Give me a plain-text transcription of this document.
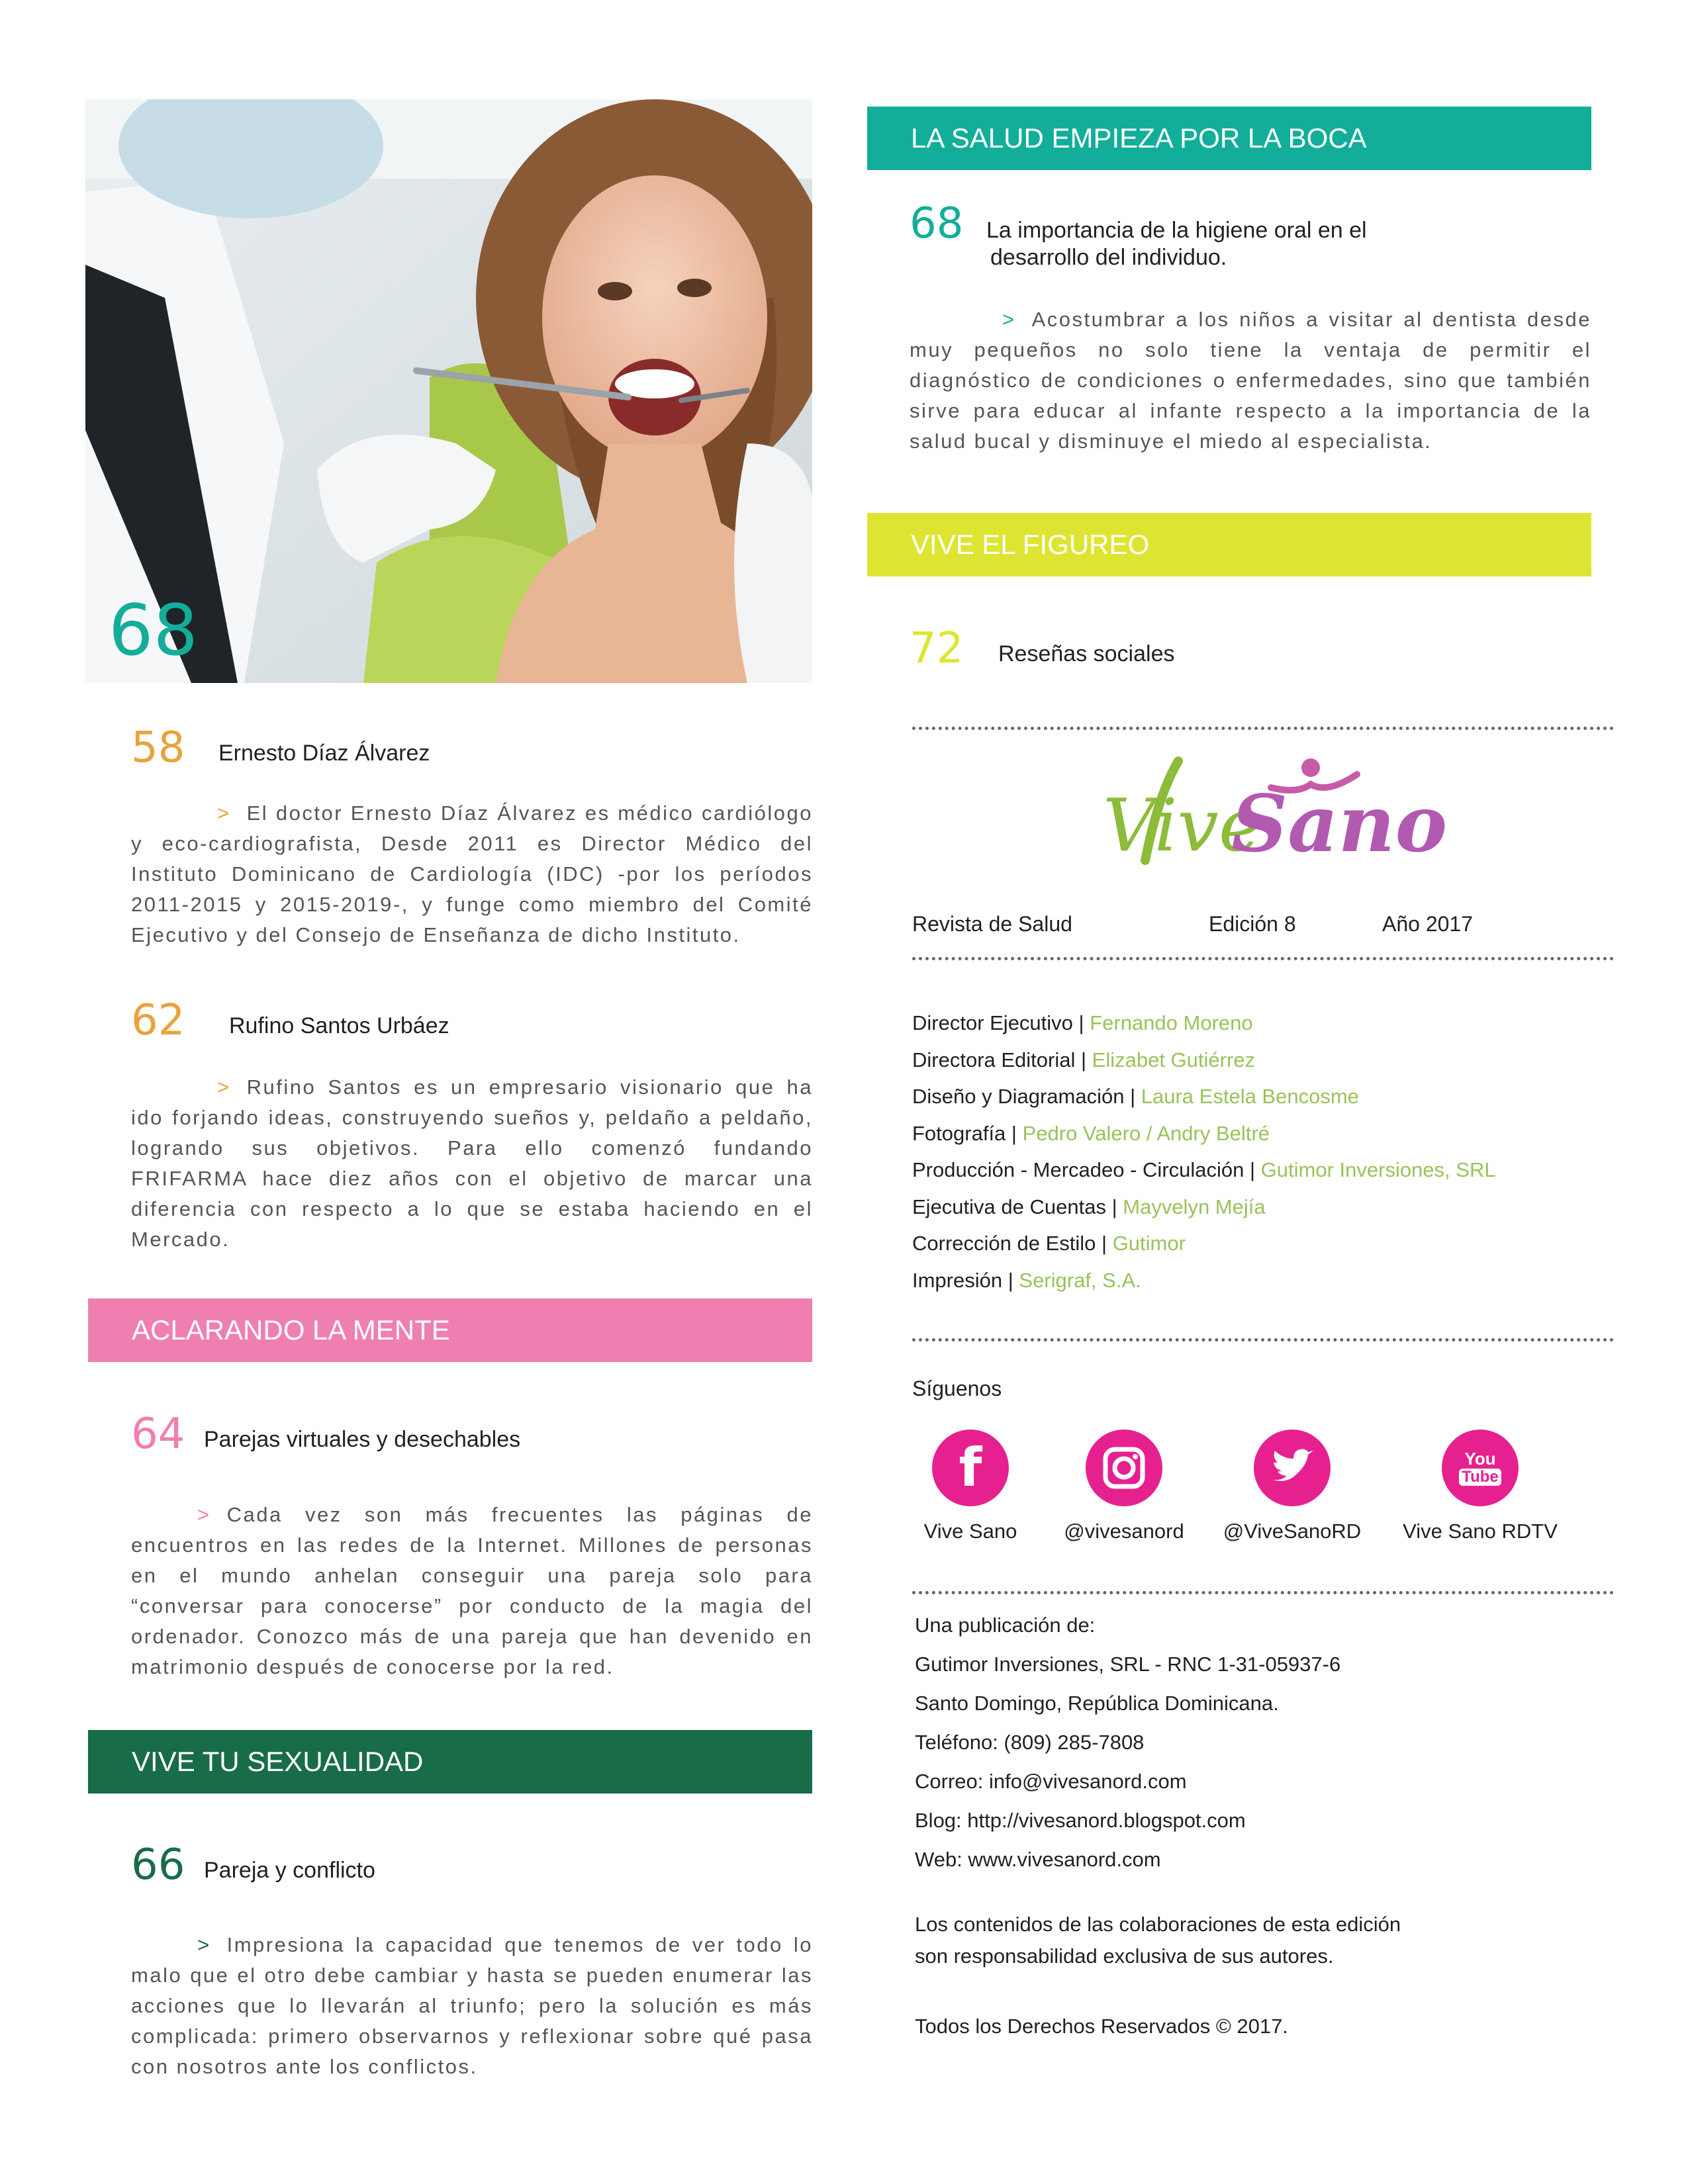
68
58 Ernesto Díaz Álvarez
> El doctor Ernesto Díaz Álvarez es médico cardiólogo y eco-cardiografista, Desde 2011 es Director Médico del Instituto Dominicano de Cardiología (IDC) -por los períodos 2011-2015 y 2015-2019-, y funge como miembro del Comité Ejecutivo y del Consejo de Enseñanza de dicho Instituto.
62 Rufino Santos Urbáez
> Rufino Santos es un empresario visionario que ha ido forjando ideas, construyendo sueños y, peldaño a peldaño, logrando sus objetivos. Para ello comenzó fundando FRIFARMA hace diez años con el objetivo de marcar una diferencia con respecto a lo que se estaba haciendo en el Mercado.
ACLARANDO LA MENTE
64 Parejas virtuales y desechables
> Cada vez son más frecuentes las páginas de encuentros en las redes de la Internet. Millones de personas en el mundo anhelan conseguir una pareja solo para “conversar para conocerse” por conducto de la magia del ordenador. Conozco más de una pareja que han devenido en matrimonio después de conocerse por la red.
VIVE TU SEXUALIDAD
66 Pareja y conflicto
> Impresiona la capacidad que tenemos de ver todo lo malo que el otro debe cambiar y hasta se pueden enumerar las acciones que lo llevarán al triunfo; pero la solución es más complicada: primero observarnos y reflexionar sobre qué pasa con nosotros ante los conflictos.
LA SALUD EMPIEZA POR LA BOCA
68 La importancia de la higiene oral en el
desarrollo del individuo.
> Acostumbrar a los niños a visitar al dentista desde muy pequeños no solo tiene la ventaja de permitir el diagnóstico de condiciones o enfermedades, sino que también sirve para educar al infante respecto a la importancia de la salud bucal y disminuye el miedo al especialista.
VIVE EL FIGUREO
72 Reseñas sociales
Vive
Sano
Revista de Salud	Edición 8	Año 2017
Director Ejecutivo | Fernando Moreno
Directora Editorial | Elizabet Gutiérrez
Diseño y Diagramación | Laura Estela Bencosme
Fotografía | Pedro Valero / Andry Beltré
Producción - Mercadeo - Circulación | Gutimor Inversiones, SRL
Ejecutiva de Cuentas | Mayvelyn Mejía
Corrección de Estilo | Gutimor
Impresión | Serigraf, S.A.
Síguenos
f
Vive Sano	@vivesanord	@ViveSanoRD
You
Tube
Vive Sano RDTV
Una publicación de:
Gutimor Inversiones, SRL - RNC 1-31-05937-6
Santo Domingo, República Dominicana.
Teléfono: (809) 285-7808
Correo: info@vivesanord.com
Blog: http://vivesanord.blogspot.com
Web: www.vivesanord.com
Los contenidos de las colaboraciones de esta edición
son responsabilidad exclusiva de sus autores.
Todos los Derechos Reservados © 2017.
